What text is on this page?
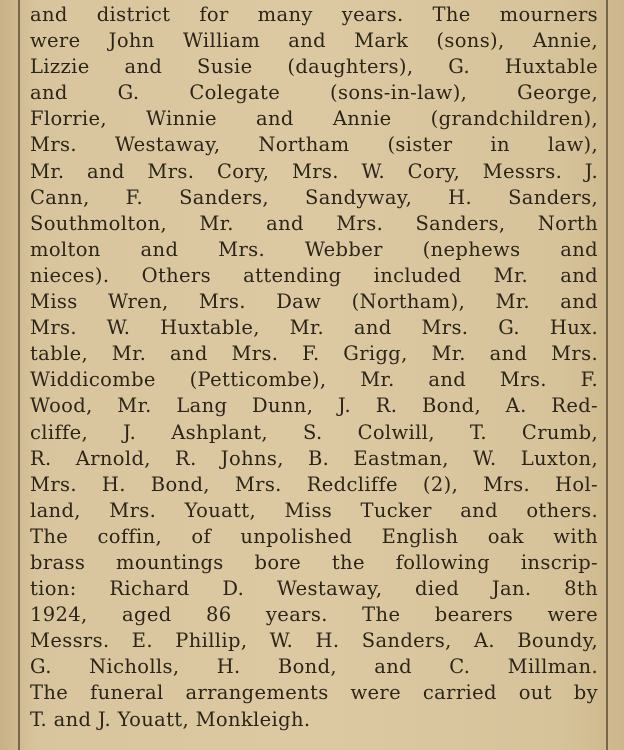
and district for many years. The mourners
were John William and Mark (sons), Annie,
Lizzie and Susie (daughters), G. Huxtable
and G. Colegate (sons-in-law), George,
Florrie, Winnie and Annie (grandchildren),
Mrs. Westaway, Northam (sister in law),
Mr. and Mrs. Cory, Mrs. W. Cory, Messrs. J.
Cann, F. Sanders, Sandyway, H. Sanders,
Southmolton, Mr. and Mrs. Sanders, North
molton and Mrs. Webber (nephews and
nieces). Others attending included Mr. and
Miss Wren, Mrs. Daw (Northam), Mr. and
Mrs. W. Huxtable, Mr. and Mrs. G. Hux.
table, Mr. and Mrs. F. Grigg, Mr. and Mrs.
Widdicombe (Petticombe), Mr. and Mrs. F.
Wood, Mr. Lang Dunn, J. R. Bond, A. Red-
cliffe, J. Ashplant, S. Colwill, T. Crumb,
R. Arnold, R. Johns, B. Eastman, W. Luxton,
Mrs. H. Bond, Mrs. Redcliffe (2), Mrs. Hol-
land, Mrs. Youatt, Miss Tucker and others.
The coffin, of unpolished English oak with
brass mountings bore the following inscrip-
tion: Richard D. Westaway, died Jan. 8th
1924, aged 86 years. The bearers were
Messrs. E. Phillip, W. H. Sanders, A. Boundy,
G. Nicholls, H. Bond, and C. Millman.
The funeral arrangements were carried out by
T. and J. Youatt, Monkleigh.
